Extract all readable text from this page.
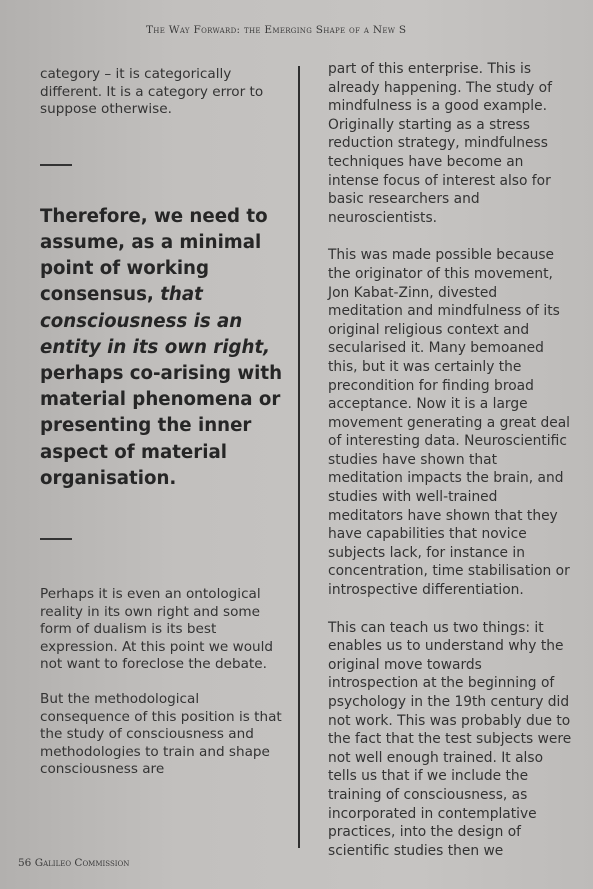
The Way Forward: the Emerging Shape of a New S

category – it is categorically different. It is a category error to suppose otherwise.

Therefore, we need to assume, as a minimal point of working consensus, that consciousness is an entity in its own right, perhaps co-arising with material phenomena or presenting the inner aspect of material organisation.

Perhaps it is even an ontological reality in its own right and some form of dualism is its best expression. At this point we would not want to foreclose the debate.

But the methodological consequence of this position is that the study of consciousness and methodologies to train and shape consciousness are

part of this enterprise. This is already happening. The study of mindfulness is a good example. Originally starting as a stress reduction strategy, mindfulness techniques have become an intense focus of interest also for basic researchers and neuroscientists.

This was made possible because the originator of this movement, Jon Kabat-Zinn, divested meditation and mindfulness of its original religious context and secularised it. Many bemoaned this, but it was certainly the precondition for finding broad acceptance. Now it is a large movement generating a great deal of interesting data. Neuroscientific studies have shown that meditation impacts the brain, and studies with well-trained meditators have shown that they have capabilities that novice subjects lack, for instance in concentration, time stabilisation or introspective differentiation.

This can teach us two things: it enables us to understand why the original move towards introspection at the beginning of psychology in the 19th century did not work. This was probably due to the fact that the test subjects were not well enough trained. It also tells us that if we include the training of consciousness, as incorporated in contemplative practices, into the design of scientific studies then we

56 Galileo Commission
